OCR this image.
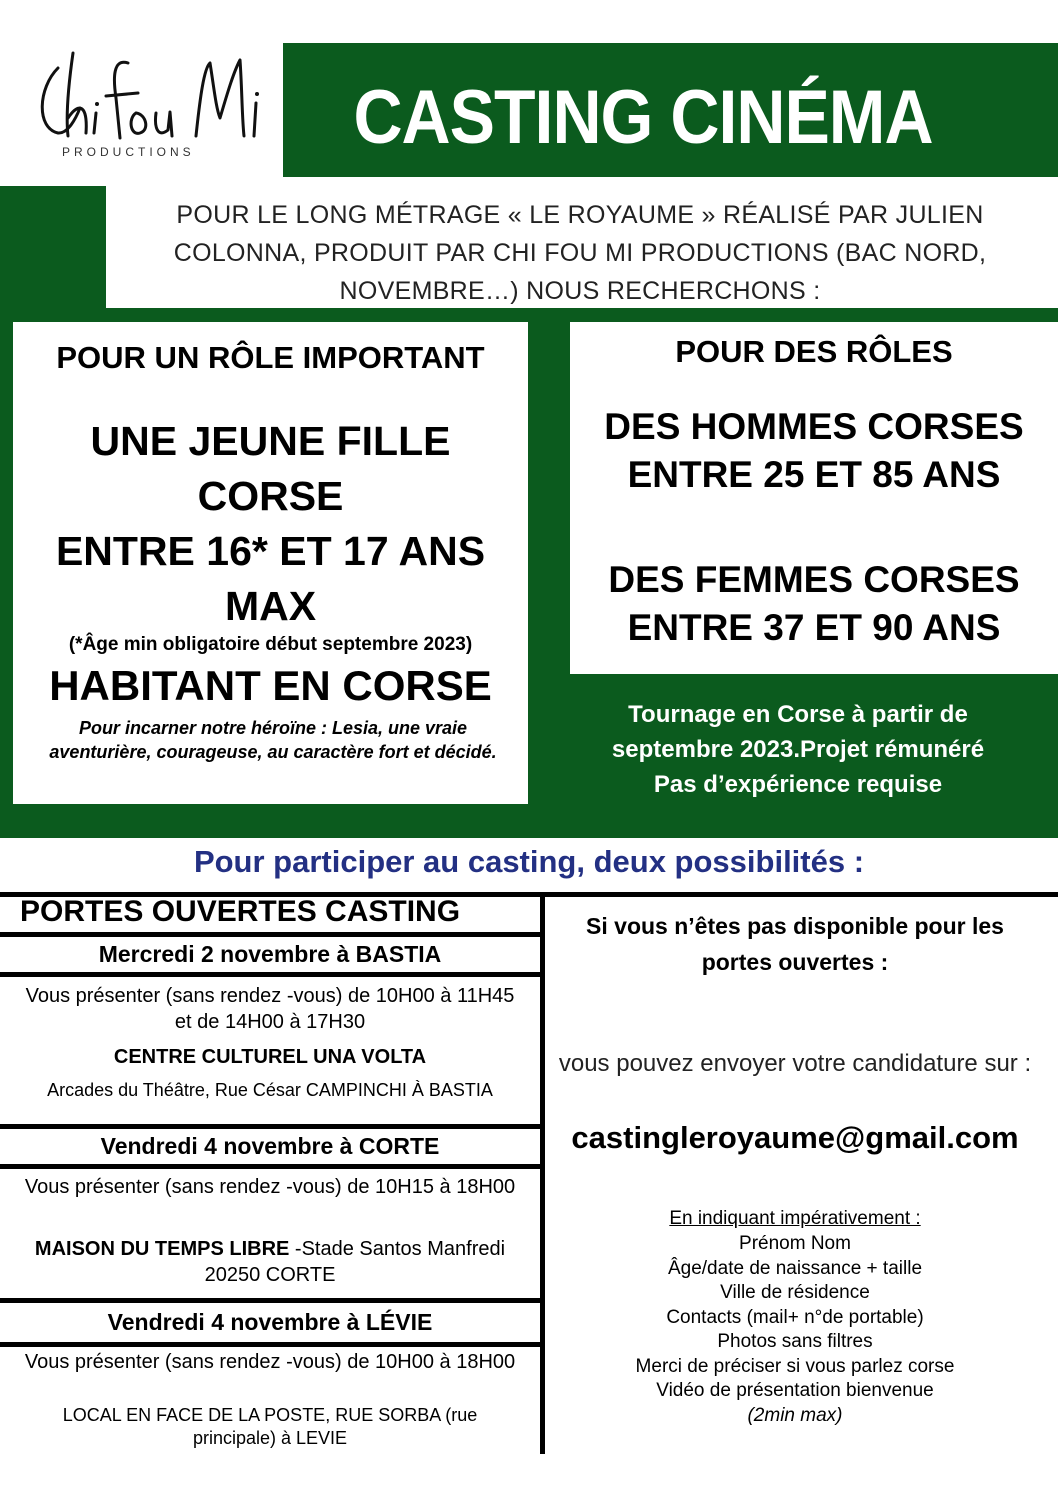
PRODUCTIONS	CASTING CINÉMA
POUR LE LONG MÉTRAGE « LE ROYAUME » RÉALISÉ PAR JULIEN COLONNA, PRODUIT PAR CHI FOU MI PRODUCTIONS (BAC NORD, NOVEMBRE…) NOUS RECHERCHONS :
POUR UN RÔLE IMPORTANT
UNE JEUNE FILLE
CORSE
ENTRE 16* ET 17 ANS
MAX
(*Âge min obligatoire début septembre 2023)
HABITANT EN CORSE
Pour incarner notre héroïne : Lesia, une vraie aventurière, courageuse, au caractère fort et décidé.
POUR DES RÔLES
DES HOMMES CORSES
ENTRE 25 ET 85 ANS
DES FEMMES CORSES
ENTRE 37 ET 90 ANS
Tournage en Corse à partir de
septembre 2023.Projet rémunéré
Pas d’expérience requise
Pour participer au casting, deux possibilités :
PORTES OUVERTES CASTING
Mercredi 2 novembre à BASTIA
Vous présenter (sans rendez -vous) de 10H00 à 11H45 et de 14H00 à 17H30
CENTRE CULTUREL UNA VOLTA
Arcades du Théâtre, Rue César CAMPINCHI À BASTIA
Vendredi 4 novembre à CORTE
Vous présenter (sans rendez -vous) de 10H15 à 18H00
MAISON DU TEMPS LIBRE -Stade Santos Manfredi 20250 CORTE
Vendredi 4 novembre à LÉVIE
Vous présenter (sans rendez -vous) de 10H00 à 18H00
LOCAL EN FACE DE LA POSTE, RUE SORBA (rue principale) à LEVIE
Si vous n’êtes pas disponible pour les portes ouvertes :
vous pouvez envoyer votre candidature sur :
castingleroyaume@gmail.com
En indiquant impérativement :
Prénom Nom
Âge/date de naissance + taille
Ville de résidence
Contacts (mail+ n°de portable)
Photos sans filtres
Merci de préciser si vous parlez corse
Vidéo de présentation bienvenue
(2min max)
